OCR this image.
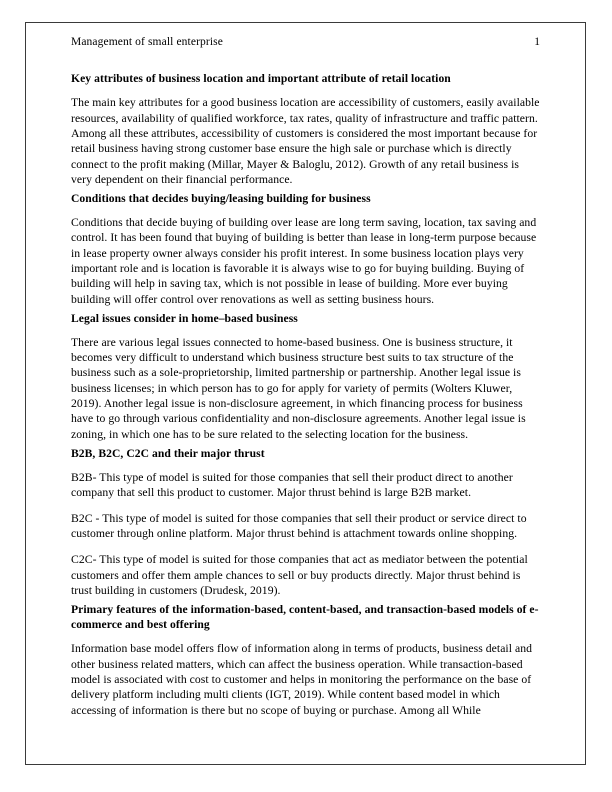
Management of small enterprise	1
Key attributes of business location and important attribute of retail location

The main key attributes for a good business location are accessibility of customers, easily available resources, availability of qualified workforce, tax rates, quality of infrastructure and traffic pattern. Among all these attributes, accessibility of customers is considered the most important because for retail business having strong customer base ensure the high sale or purchase which is directly connect to the profit making (Millar, Mayer & Baloglu, 2012). Growth of any retail business is very dependent on their financial performance.

Conditions that decides buying/leasing building for business

Conditions that decide buying of building over lease are long term saving, location, tax saving and control. It has been found that buying of building is better than lease in long-term purpose because in lease property owner always consider his profit interest. In some business location plays very important role and is location is favorable it is always wise to go for buying building. Buying of building will help in saving tax, which is not possible in lease of building. More ever buying building will offer control over renovations as well as setting business hours.

Legal issues consider in home–based business

There are various legal issues connected to home-based business. One is business structure, it becomes very difficult to understand which business structure best suits to tax structure of the business such as a sole-proprietorship, limited partnership or partnership. Another legal issue is business licenses; in which person has to go for apply for variety of permits (Wolters Kluwer, 2019). Another legal issue is non-disclosure agreement, in which financing process for business have to go through various confidentiality and non-disclosure agreements. Another legal issue is zoning, in which one has to be sure related to the selecting location for the business.

B2B, B2C, C2C and their major thrust

B2B- This type of model is suited for those companies that sell their product direct to another company that sell this product to customer. Major thrust behind is large B2B market.

B2C - This type of model is suited for those companies that sell their product or service direct to customer through online platform. Major thrust behind is attachment towards online shopping.

C2C- This type of model is suited for those companies that act as mediator between the potential customers and offer them ample chances to sell or buy products directly. Major thrust behind is trust building in customers (Drudesk, 2019).

Primary features of the information-based, content-based, and transaction-based models of e-commerce and best offering

Information base model offers flow of information along in terms of products, business detail and other business related matters, which can affect the business operation. While transaction-based model is associated with cost to customer and helps in monitoring the performance on the base of delivery platform including multi clients (IGT, 2019). While content based model in which accessing of information is there but no scope of buying or purchase. Among all While
